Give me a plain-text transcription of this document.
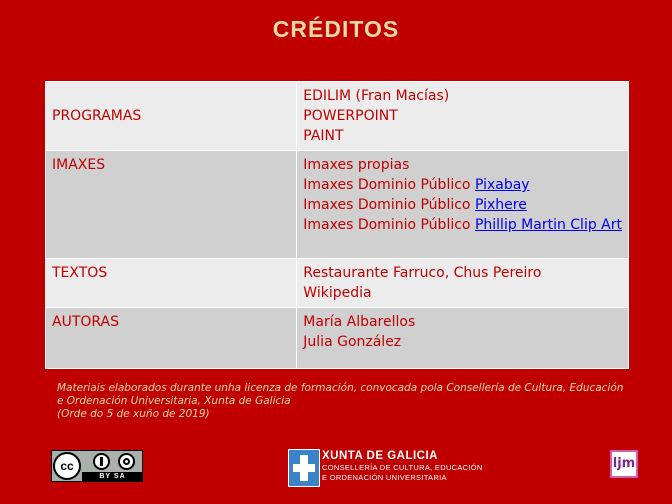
CRÉDITOS
PROGRAMAS	EDILIM (Fran Macías)
POWERPOINT
PAINT

IMAXES	Imaxes propias
Imaxes Dominio Público Pixabay
Imaxes Dominio Público Pixhere
Imaxes Dominio Público Phillip Martin Clip Art

TEXTOS	Restaurante Farruco, Chus Pereiro
Wikipedia

AUTORAS	María Albarellos
Julia González
Materiais elaborados durante unha licenza de formación, convocada pola Consellería de Cultura, Educación
e Ordenación Universitaria, Xunta de Galicia
(Orde do 5 de xuño de 2019)
cc
BY SA
XUNTA DE GALICIA
CONSELLERÍA DE CULTURA, EDUCACIÓN
E ORDENACIÓN UNIVERSITARIA
ljm
